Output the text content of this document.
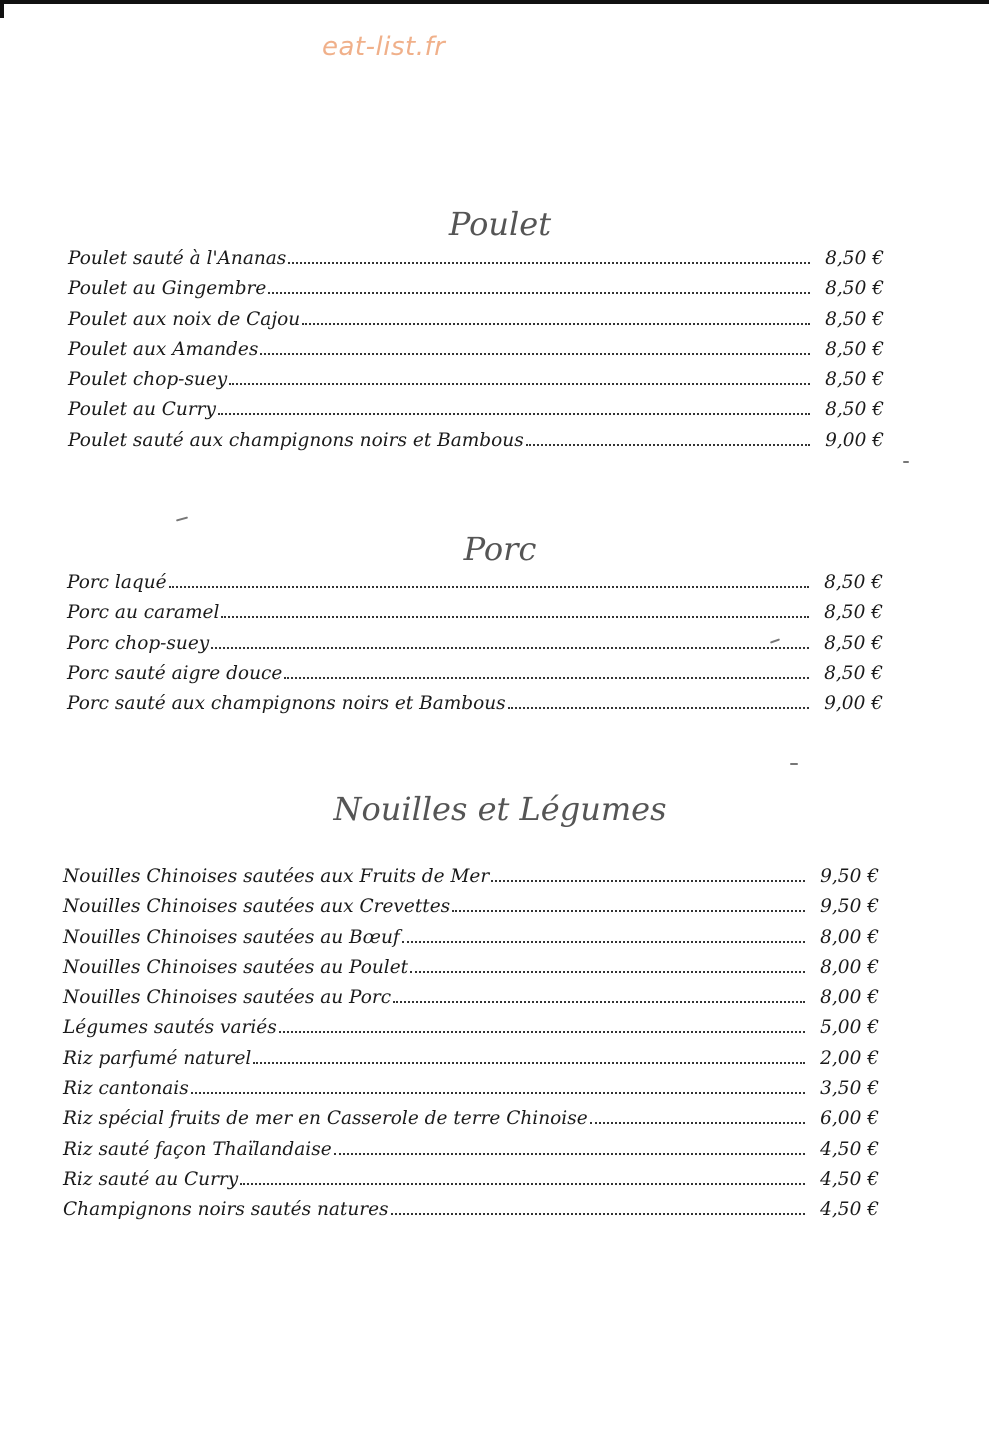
eat-list.fr
Poulet
Poulet sauté à l'Ananas	8,50 €
Poulet au Gingembre	8,50 €
Poulet aux noix de Cajou	8,50 €
Poulet aux Amandes	8,50 €
Poulet chop-suey	8,50 €
Poulet au Curry	8,50 €
Poulet sauté aux champignons noirs et Bambous	9,00 €
Porc
Porc laqué	8,50 €
Porc au caramel	8,50 €
Porc chop-suey	8,50 €
Porc sauté aigre douce	8,50 €
Porc sauté aux champignons noirs et Bambous	9,00 €
Nouilles et Légumes
Nouilles Chinoises sautées aux Fruits de Mer	9,50 €
Nouilles Chinoises sautées aux Crevettes	9,50 €
Nouilles Chinoises sautées au Bœuf	8,00 €
Nouilles Chinoises sautées au Poulet	8,00 €
Nouilles Chinoises sautées au Porc	8,00 €
Légumes sautés variés	5,00 €
Riz parfumé naturel	2,00 €
Riz cantonais	3,50 €
Riz spécial fruits de mer en Casserole de terre Chinoise	6,00 €
Riz sauté façon Thaïlandaise	4,50 €
Riz sauté au Curry	4,50 €
Champignons noirs sautés natures	4,50 €
